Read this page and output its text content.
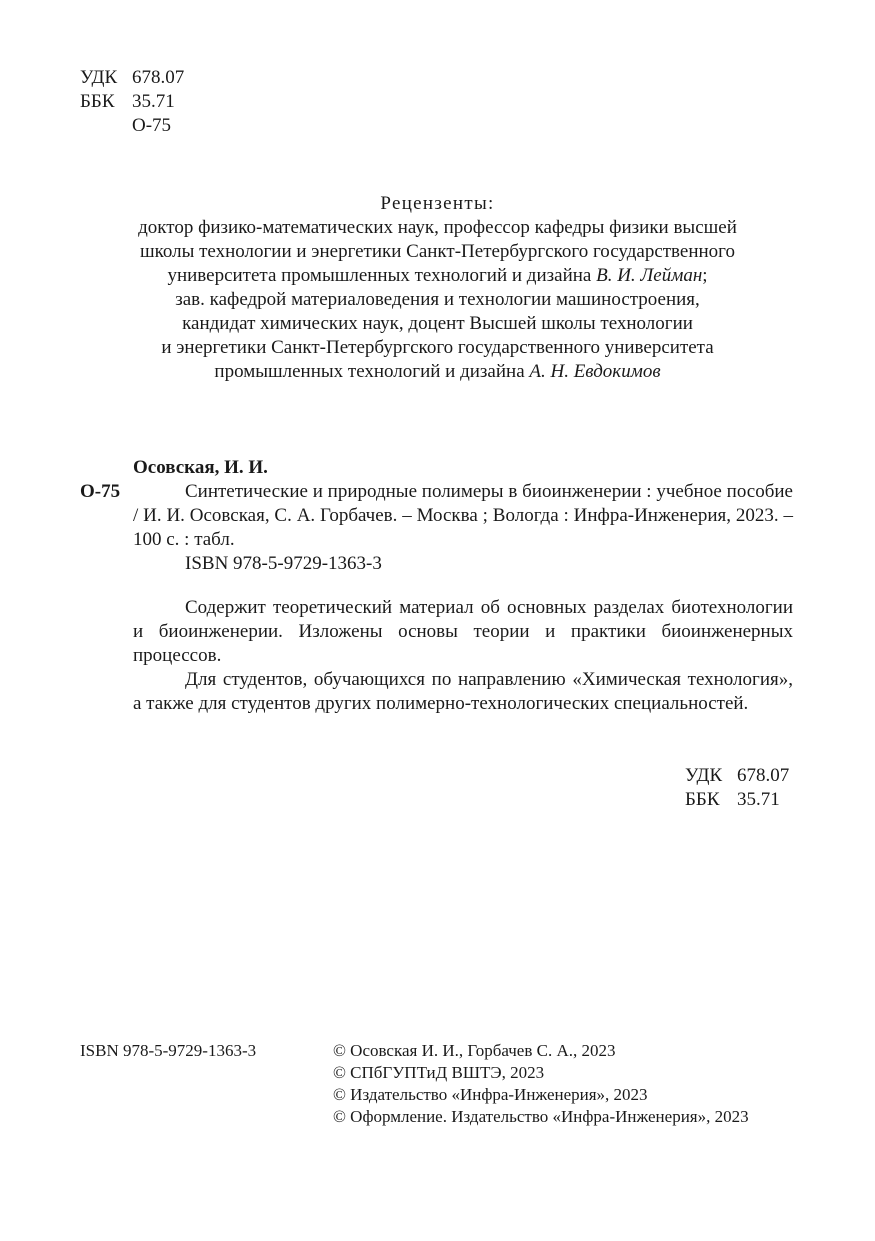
УДК 678.07
ББК 35.71
О-75
Рецензенты:
доктор физико-математических наук, профессор кафедры физики высшей
школы технологии и энергетики Санкт-Петербургского государственного
университета промышленных технологий и дизайна В. И. Лейман;
зав. кафедрой материаловедения и технологии машиностроения,
кандидат химических наук, доцент Высшей школы технологии
и энергетики Санкт-Петербургского государственного университета
промышленных технологий и дизайна А. Н. Евдокимов
Осовская, И. И.
О-75	Синтетические и природные полимеры в биоинженерии : учебное пособие / И. И. Осовская, С. А. Горбачев. – Москва ; Вологда : Инфра-Инженерия, 2023. – 100 с. : табл.
ISBN 978-5-9729-1363-3

Содержит теоретический материал об основных разделах биотехнологии и биоинженерии. Изложены основы теории и практики биоинженерных процессов.

Для студентов, обучающихся по направлению «Химическая технология», а также для студентов других полимерно-технологических специальностей.

УДК 678.07
ББК 35.71
ISBN 978-5-9729-1363-3	© Осовская И. И., Горбачев С. А., 2023
© СПбГУПТиД ВШТЭ, 2023
© Издательство «Инфра-Инженерия», 2023
© Оформление. Издательство «Инфра-Инженерия», 2023
